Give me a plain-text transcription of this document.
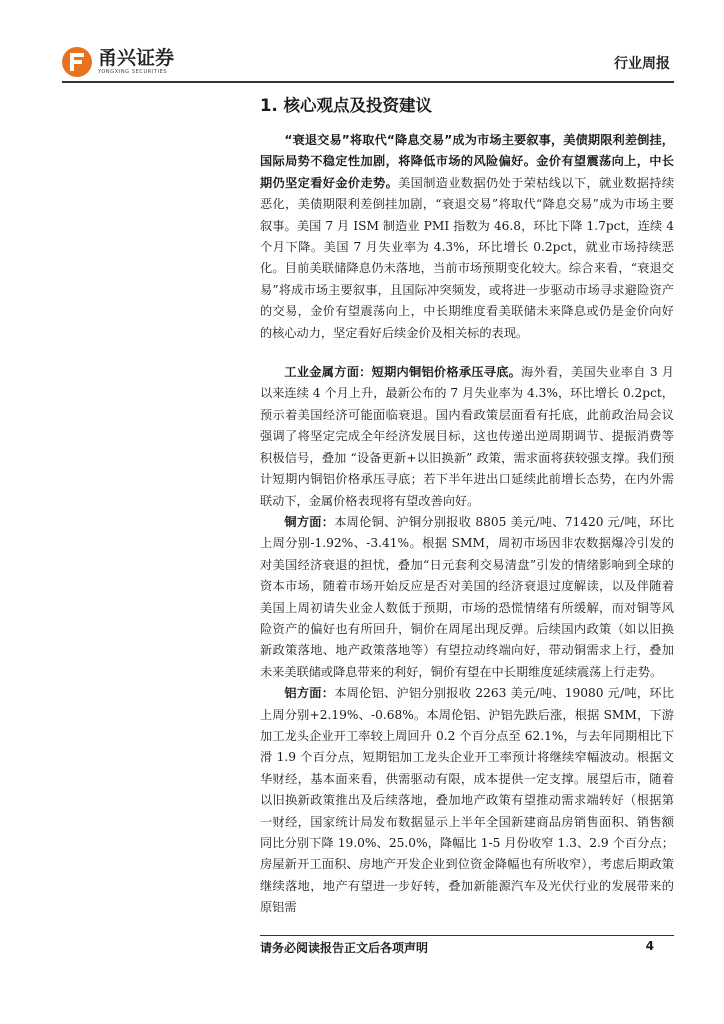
甬兴证券
YONGXING SECURITIES	行业周报
1. 核心观点及投资建议

“衰退交易”将取代“降息交易”成为市场主要叙事，美债期限利差倒挂，国际局势不稳定性加剧，将降低市场的风险偏好。金价有望震荡向上，中长期仍坚定看好金价走势。美国制造业数据仍处于荣枯线以下，就业数据持续恶化，美债期限利差倒挂加剧，“衰退交易”将取代“降息交易”成为市场主要叙事。美国 7 月 ISM 制造业 PMI 指数为 46.8，环比下降 1.7pct，连续 4 个月下降。美国 7 月失业率为 4.3%，环比增长 0.2pct，就业市场持续恶化。目前美联储降息仍未落地，当前市场预期变化较大。综合来看，“衰退交易”将成市场主要叙事，且国际冲突频发，或将进一步驱动市场寻求避险资产的交易，金价有望震荡向上，中长期维度看美联储未来降息或仍是金价向好的核心动力，坚定看好后续金价及相关标的表现。

工业金属方面：短期内铜铝价格承压寻底。海外看，美国失业率自 3 月以来连续 4 个月上升，最新公布的 7 月失业率为 4.3%，环比增长 0.2pct，预示着美国经济可能面临衰退。国内看政策层面看有托底，此前政治局会议强调了将坚定完成全年经济发展目标，这也传递出逆周期调节、提振消费等积极信号，叠加 “设备更新+以旧换新” 政策，需求面将获较强支撑。我们预计短期内铜铝价格承压寻底；若下半年进出口延续此前增长态势，在内外需联动下，金属价格表现将有望改善向好。

铜方面：本周伦铜、沪铜分别报收 8805 美元/吨、71420 元/吨，环比上周分别-1.92%、-3.41%。根据 SMM，周初市场因非农数据爆冷引发的对美国经济衰退的担忧，叠加“日元套利交易清盘”引发的情绪影响到全球的资本市场，随着市场开始反应是否对美国的经济衰退过度解读，以及伴随着美国上周初请失业金人数低于预期，市场的恐慌情绪有所缓解，而对铜等风险资产的偏好也有所回升，铜价在周尾出现反弹。后续国内政策（如以旧换新政策落地、地产政策落地等）有望拉动终端向好，带动铜需求上行，叠加未来美联储或降息带来的利好，铜价有望在中长期维度延续震荡上行走势。

铝方面：本周伦铝、沪铝分别报收 2263 美元/吨、19080 元/吨，环比上周分别+2.19%、-0.68%。本周伦铝、沪铝先跌后涨，根据 SMM，下游加工龙头企业开工率较上周回升 0.2 个百分点至 62.1%，与去年同期相比下滑 1.9 个百分点，短期铝加工龙头企业开工率预计将继续窄幅波动。根据文华财经，基本面来看，供需驱动有限，成本提供一定支撑。展望后市，随着以旧换新政策推出及后续落地，叠加地产政策有望推动需求端转好（根据第一财经，国家统计局发布数据显示上半年全国新建商品房销售面积、销售额同比分别下降 19.0%、25.0%，降幅比 1-5 月份收窄 1.3、2.9 个百分点；房屋新开工面积、房地产开发企业到位资金降幅也有所收窄），考虑后期政策继续落地，地产有望进一步好转，叠加新能源汽车及光伏行业的发展带来的原铝需

请务必阅读报告正文后各项声明	4
